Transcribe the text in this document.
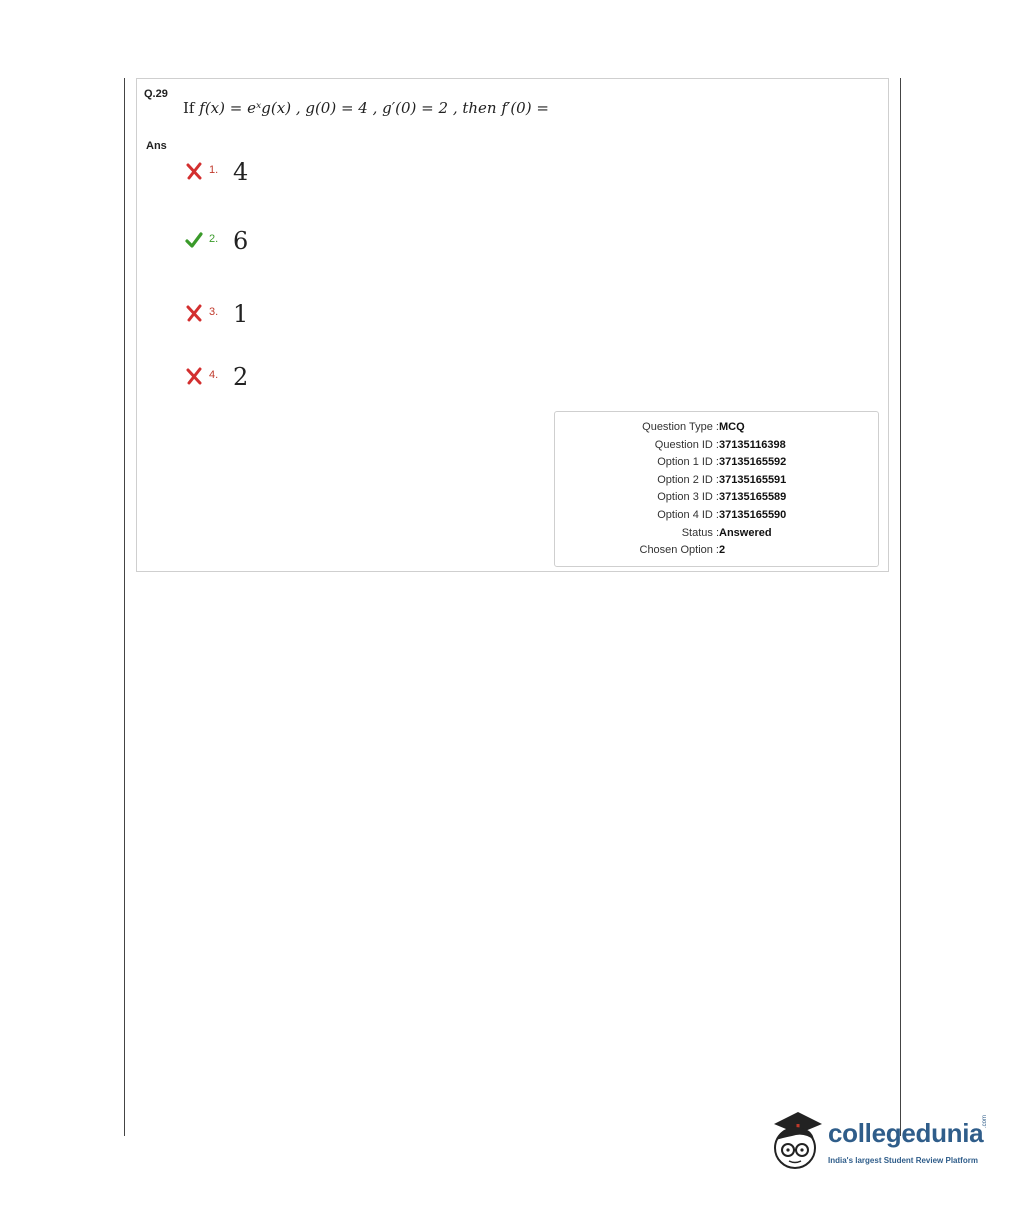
Q.29
If f(x) = eˣg(x) , g(0) = 4 , g′(0) = 2 , then f′(0) =
Ans
1. 4
2. 6
3. 1
4. 2
Question Type : MCQ
Question ID : 37135116398
Option 1 ID : 37135165592
Option 2 ID : 37135165591
Option 3 ID : 37135165589
Option 4 ID : 37135165590
Status : Answered
Chosen Option : 2
collegedunia
.com
India's largest Student Review Platform
